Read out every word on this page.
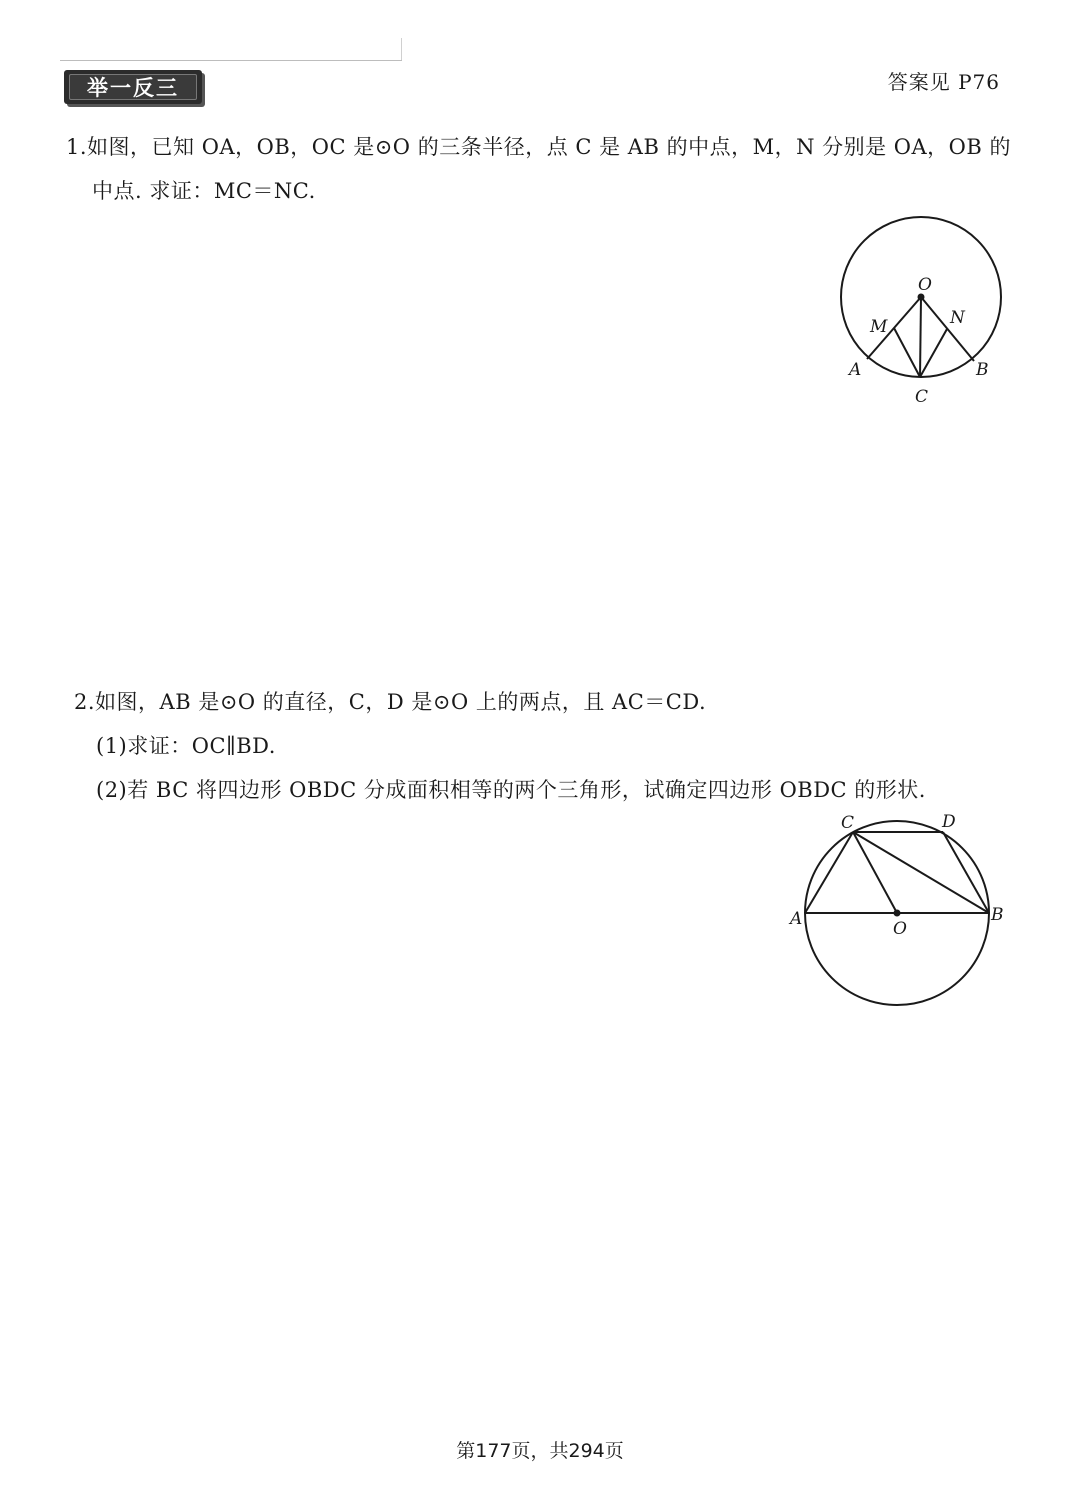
举一反三	答案见 P76
1.如图，已知 OA，OB，OC 是⊙O 的三条半径，点 C 是 AB 的中点，M，N 分别是 OA，OB 的
中点. 求证：MC＝NC.
O
M	N
A	B
C
2.如图，AB 是⊙O 的直径，C，D 是⊙O 上的两点，且 AC＝CD.
(1)求证：OC∥BD.
(2)若 BC 将四边形 OBDC 分成面积相等的两个三角形，试确定四边形 OBDC 的形状.
C	D
A	O
B
第177页，共294页
